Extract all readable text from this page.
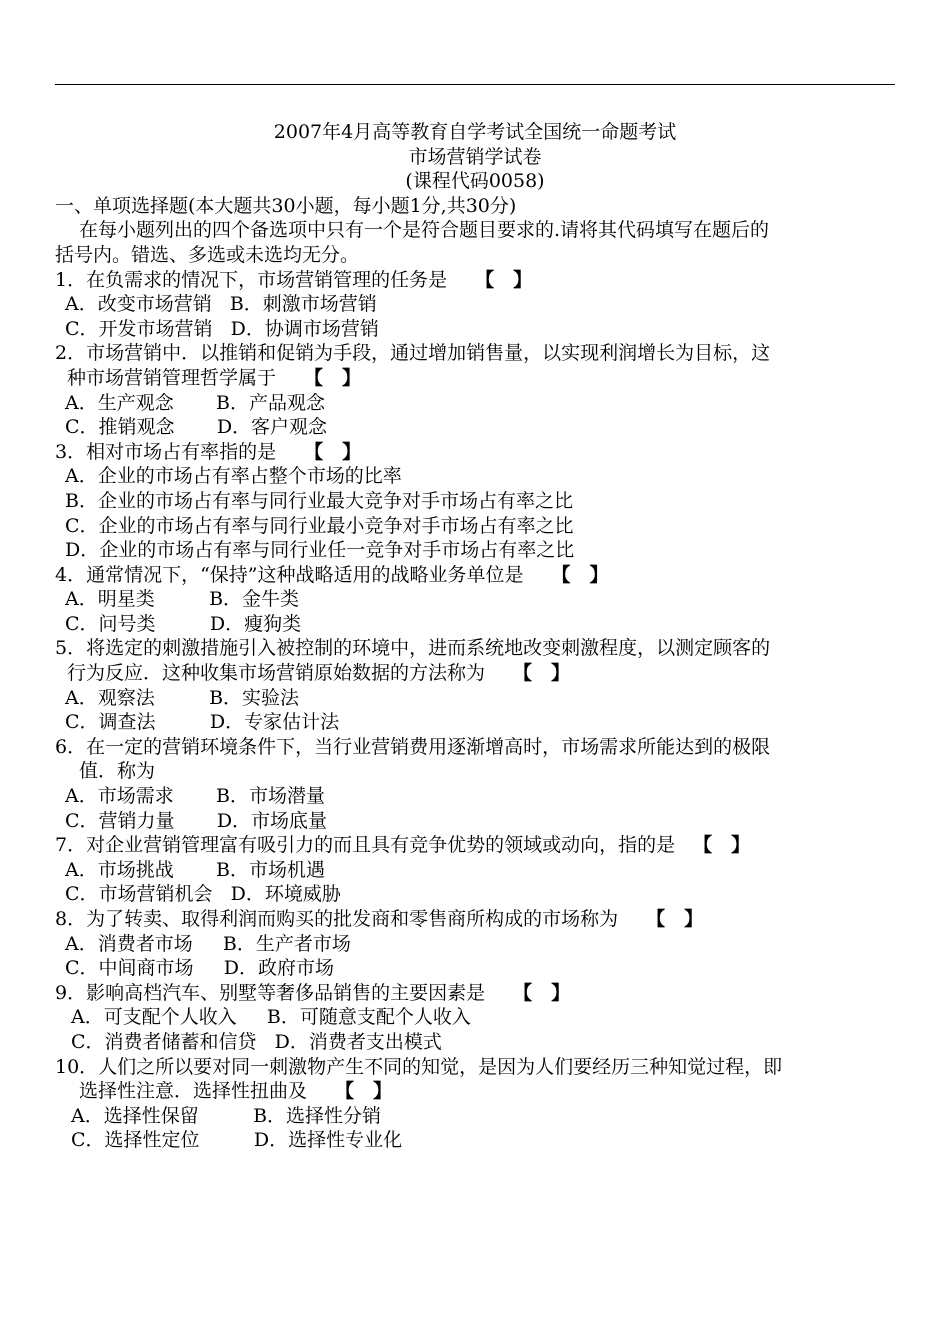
2007年4月高等教育自学考试全国统一命题考试
市场营销学试卷
(课程代码0058)
一、单项选择题(本大题共30小题，每小题1分,共30分)
在每小题列出的四个备选项中只有一个是符合题目要求的.请将其代码填写在题后的
括号内。错选、多选或未选均无分。
1．在负需求的情况下，市场营销管理的任务是 【　】
A．改变市场营销   B．刺激市场营销
C．开发市场营销   D．协调市场营销
2．市场营销中．以推销和促销为手段，通过增加销售量，以实现利润增长为目标，这
种市场营销管理哲学属于 【　】
A．生产观念       B．产品观念
C．推销观念       D．客户观念
3．相对市场占有率指的是 【　】
A．企业的市场占有率占整个市场的比率
B．企业的市场占有率与同行业最大竞争对手市场占有率之比
C．企业的市场占有率与同行业最小竞争对手市场占有率之比
D．企业的市场占有率与同行业任一竞争对手市场占有率之比
4．通常情况下，“保持”这种战略适用的战略业务单位是 【　】
A．明星类         B．金牛类
C．问号类         D．瘦狗类
5．将选定的刺激措施引入被控制的环境中，进而系统地改变刺激程度，以测定顾客的
行为反应．这种收集市场营销原始数据的方法称为 【　】
A．观察法         B．实验法
C．调查法         D．专家估计法
6．在一定的营销环境条件下，当行业营销费用逐渐增高时，市场需求所能达到的极限
值．称为
A．市场需求       B．市场潜量
C．营销力量       D．市场底量
7．对企业营销管理富有吸引力的而且具有竞争优势的领域或动向，指的是 【　】
A．市场挑战       B．市场机遇
C．市场营销机会   D．环境威胁
8．为了转卖、取得利润而购买的批发商和零售商所构成的市场称为 【　】
A．消费者市场     B．生产者市场
C．中间商市场     D．政府市场
9．影响高档汽车、别墅等奢侈品销售的主要因素是 【　】
A．可支配个人收入     B．可随意支配个人收入
C．消费者储蓄和信贷   D．消费者支出模式
10．人们之所以要对同一刺激物产生不同的知觉，是因为人们要经历三种知觉过程，即
选择性注意．选择性扭曲及 【　】
A．选择性保留         B．选择性分销
C．选择性定位         D．选择性专业化
